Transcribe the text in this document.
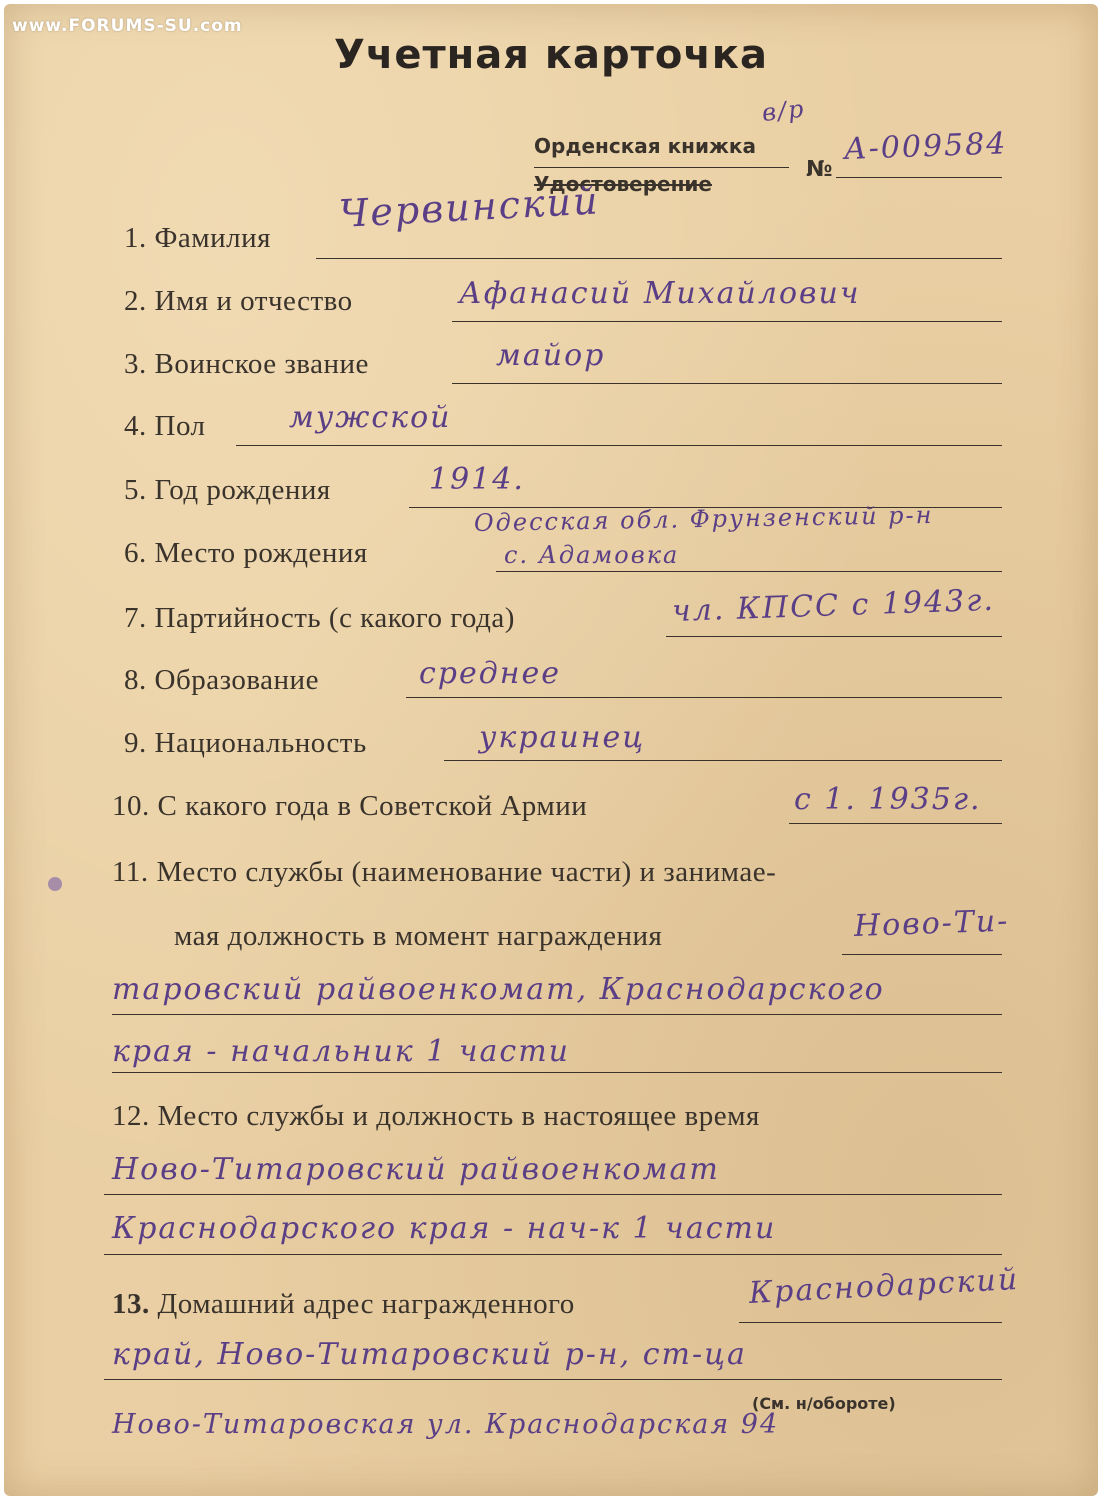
www.FORUMS-SU.com
Учетная карточка
Орденская книжка
Удостоверение
в/р
№
А-009584
1. Фамилия
Червинский
2. Имя и отчество	Афанасий Михайлович
3. Воинское звание	майор
4. Пол	мужской
5. Год рождения	1914.
6. Место рождения
Одесская обл. Фрунзенский р-н
с. Адамовка
7. Партийность (с какого года)	чл. КПСС с 1943г.
8. Образование	среднее
9. Национальность	украинец
10. С какого года в Советской Армии	с 1. 1935г.
11. Место службы (наименование части) и занимае-
мая должность в момент награждения	Ново-Ти-
таровский райвоенкомат, Краснодарского
края - начальник 1 части
12. Место службы и должность в настоящее время
Ново-Титаровский райвоенкомат
Краснодарского края - нач-к 1 части
13. Домашний адрес награжденного	Краснодарский
край, Ново-Титаровский р-н, ст-ца
(См. н/обороте)
Ново-Титаровская ул. Краснодарская 94
